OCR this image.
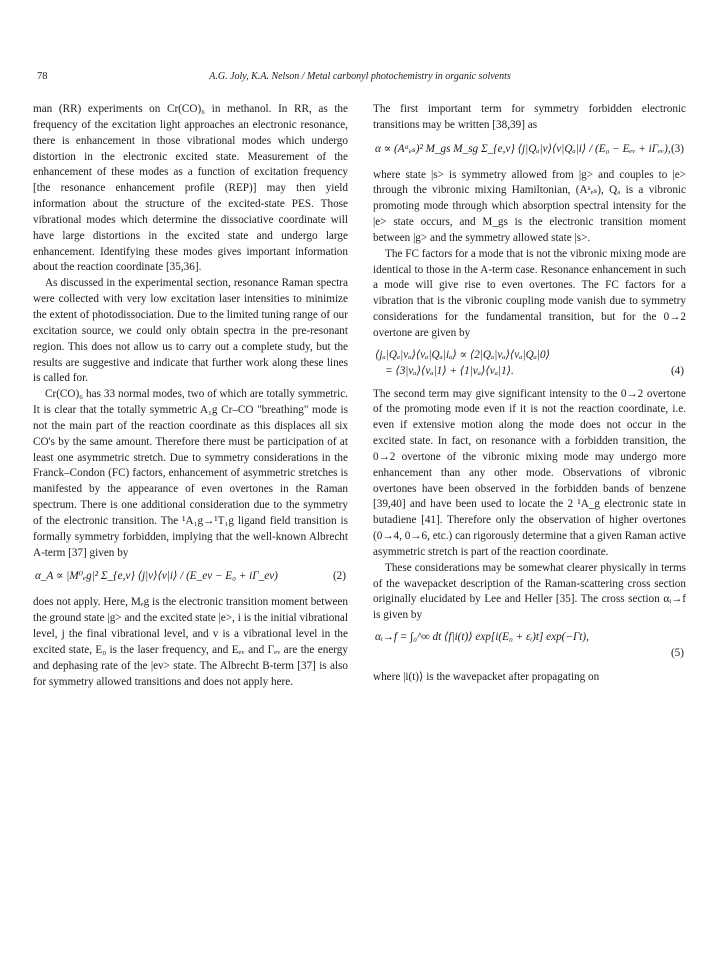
78	A.G. Joly, K.A. Nelson / Metal carbonyl photochemistry in organic solvents

man (RR) experiments on Cr(CO)₆ in methanol. In RR, as the frequency of the excitation light approaches an electronic resonance, there is enhancement in those vibrational modes which undergo distortion in the electronic excited state. Measurement of the enhancement of these modes as a function of excitation frequency [the resonance enhancement profile (REP)] may then yield information about the structure of the excited-state PES. Those vibrational modes which determine the dissociative coordinate will have large distortions in the excited state and undergo large enhancement. Identifying these modes gives important information about the reaction coordinate [35,36].

As discussed in the experimental section, resonance Raman spectra were collected with very low excitation laser intensities to minimize the extent of photodissociation. Due to the limited tuning range of our excitation source, we could only obtain spectra in the pre-resonant region. This does not allow us to carry out a complete study, but the results are suggestive and indicate that further work along these lines is called for.

Cr(CO)₆ has 33 normal modes, two of which are totally symmetric. It is clear that the totally symmetric A₁g Cr–CO "breathing" mode is not the main part of the reaction coordinate as this displaces all six CO's by the same amount. Therefore there must be participation of at least one asymmetric stretch. Due to symmetry considerations in the Franck–Condon (FC) factors, enhancement of asymmetric stretches is manifested by the appearance of even overtones in the Raman spectrum. There is one additional consideration due to the symmetry of the electronic transition. The ¹A₁g→¹T₁g ligand field transition is formally symmetry forbidden, implying that the well-known Albrecht A-term [37] given by

α_A ∝ |M⁰ₑg|² Σ_{e,v} ⟨j|v⟩⟨v|i⟩ / (E_ev − E₀ + iΓ_ev)	(2)

does not apply. Here, Mₑg is the electronic transition moment between the ground state |g> and the excited state |e>, i is the initial vibrational level, j the final vibrational level, and v is a vibrational level in the excited state, E₀ is the laser frequency, and Eₑᵥ and Γₑᵥ are the energy and dephasing rate of the |ev> state. The Albrecht B-term [37] is also for symmetry allowed transitions and does not apply here.

The first important term for symmetry forbidden electronic transitions may be written [38,39] as

α ∝ (Aᵃₑₛ)² M_gs M_sg Σ_{e,v} ⟨j|Qₐ|v⟩⟨v|Qₐ|i⟩ / (E₀ − Eₑᵥ + iΓₑᵥ), (3)

where state |s> is symmetry allowed from |g> and couples to |e> through the vibronic mixing Hamiltonian, (Aᵃₑₛ), Qₐ is a vibronic promoting mode through which absorption spectral intensity for the |e> state occurs, and M_gs is the electronic transition moment between |g> and the symmetry allowed state |s>.

The FC factors for a mode that is not the vibronic mixing mode are identical to those in the A-term case. Resonance enhancement in such a mode will give rise to even overtones. The FC factors for a vibration that is the vibronic coupling mode vanish due to symmetry considerations for the fundamental transition, but for the 0→2 overtone are given by

⟨jₐ|Qₐ|vₐ⟩⟨vₐ|Qₐ|iₐ⟩ ∝ ⟨2|Qₐ|vₐ⟩⟨vₐ|Qₐ|0⟩
= ⟨3|vₐ⟩⟨vₐ|1⟩ + ⟨1|vₐ⟩⟨vₐ|1⟩.	(4)

The second term may give significant intensity to the 0→2 overtone of the promoting mode even if it is not the reaction coordinate, i.e. even if extensive motion along the mode does not occur in the excited state. In fact, on resonance with a forbidden transition, the 0→2 overtone of the vibronic mixing mode may undergo more enhancement than any other mode. Observations of vibronic overtones have been observed in the forbidden bands of benzene [39,40] and have been used to locate the 2 ¹A_g electronic state in butadiene [41]. Therefore only the observation of higher overtones (0→4, 0→6, etc.) can rigorously determine that a given Raman active asymmetric stretch is part of the reaction coordinate.

These considerations may be somewhat clearer physically in terms of the wavepacket description of the Raman-scattering cross section originally elucidated by Lee and Heller [35]. The cross section αᵢ→f is given by

αᵢ→f = ∫₀^∞ dt ⟨f|i(t)⟩ exp[i(E₀ + εᵢ)t] exp(−Γt),
(5)

where |i(t)⟩ is the wavepacket after propagating on
